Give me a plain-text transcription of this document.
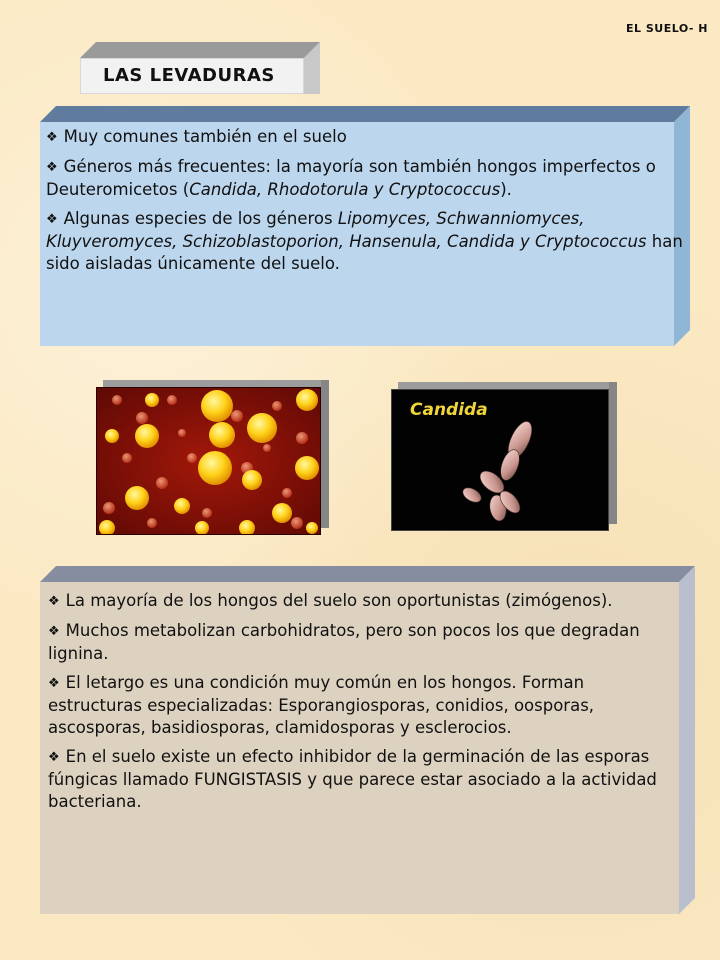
EL SUELO- H
LAS LEVADURAS

❖ Muy comunes también en el suelo

❖ Géneros más frecuentes: la mayoría son también hongos imperfectos o Deuteromicetos (Candida, Rhodotorula y Cryptococcus).

❖ Algunas especies de los géneros Lipomyces, Schwanniomyces, Kluyveromyces, Schizoblastoporion, Hansenula, Candida y Cryptococcus han sido aisladas únicamente del suelo.

Candida

❖ La mayoría de los hongos del suelo son oportunistas (zimógenos).

❖ Muchos metabolizan carbohidratos, pero son pocos los que degradan lignina.

❖ El letargo es una condición muy común en los hongos. Forman estructuras especializadas: Esporangiosporas, conidios, oosporas, ascosporas, basidiosporas, clamidosporas y esclerocios.

❖ En el suelo existe un efecto inhibidor de la germinación de las esporas fúngicas llamado FUNGISTASIS y que parece estar asociado a la actividad bacteriana.
